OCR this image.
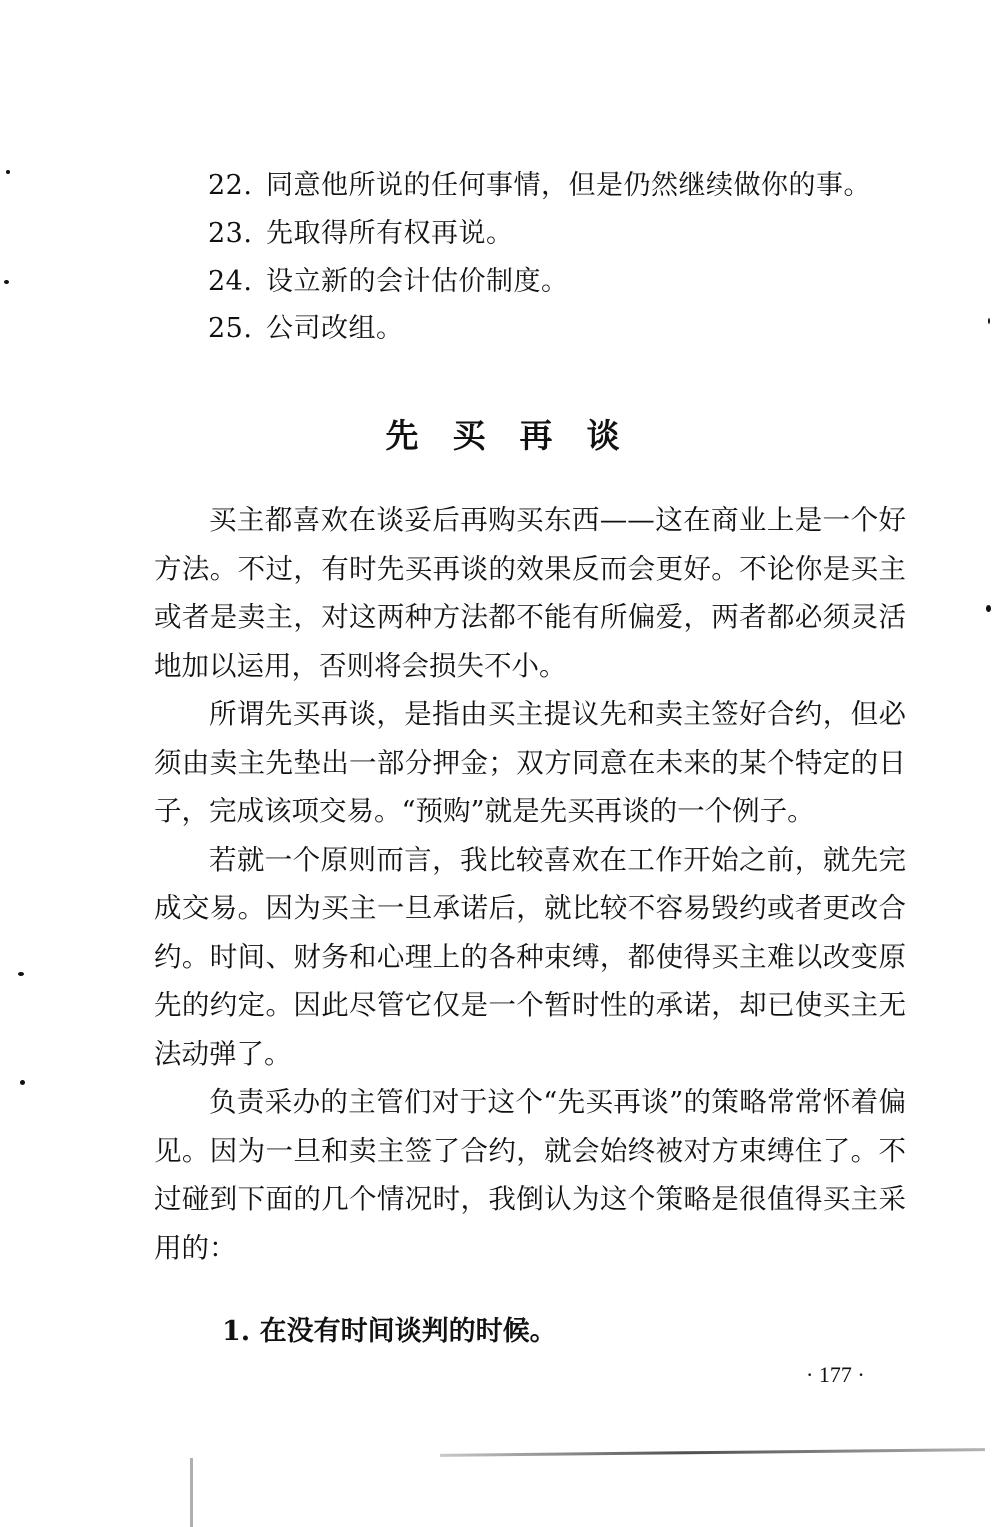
22. 同意他所说的任何事情，但是仍然继续做你的事。
23. 先取得所有权再说。
24. 设立新的会计估价制度。
25. 公司改组。
先买再谈

买主都喜欢在谈妥后再购买东西——这在商业上是一个好方法。不过，有时先买再谈的效果反而会更好。不论你是买主或者是卖主，对这两种方法都不能有所偏爱，两者都必须灵活地加以运用，否则将会损失不小。

所谓先买再谈，是指由买主提议先和卖主签好合约，但必须由卖主先垫出一部分押金；双方同意在未来的某个特定的日子，完成该项交易。“预购”就是先买再谈的一个例子。

若就一个原则而言，我比较喜欢在工作开始之前，就先完成交易。因为买主一旦承诺后，就比较不容易毁约或者更改合约。时间、财务和心理上的各种束缚，都使得买主难以改变原先的约定。因此尽管它仅是一个暂时性的承诺，却已使买主无法动弹了。

负责采办的主管们对于这个“先买再谈”的策略常常怀着偏见。因为一旦和卖主签了合约，就会始终被对方束缚住了。不过碰到下面的几个情况时，我倒认为这个策略是很值得买主采用的：

1. 在没有时间谈判的时候。
· 177 ·
